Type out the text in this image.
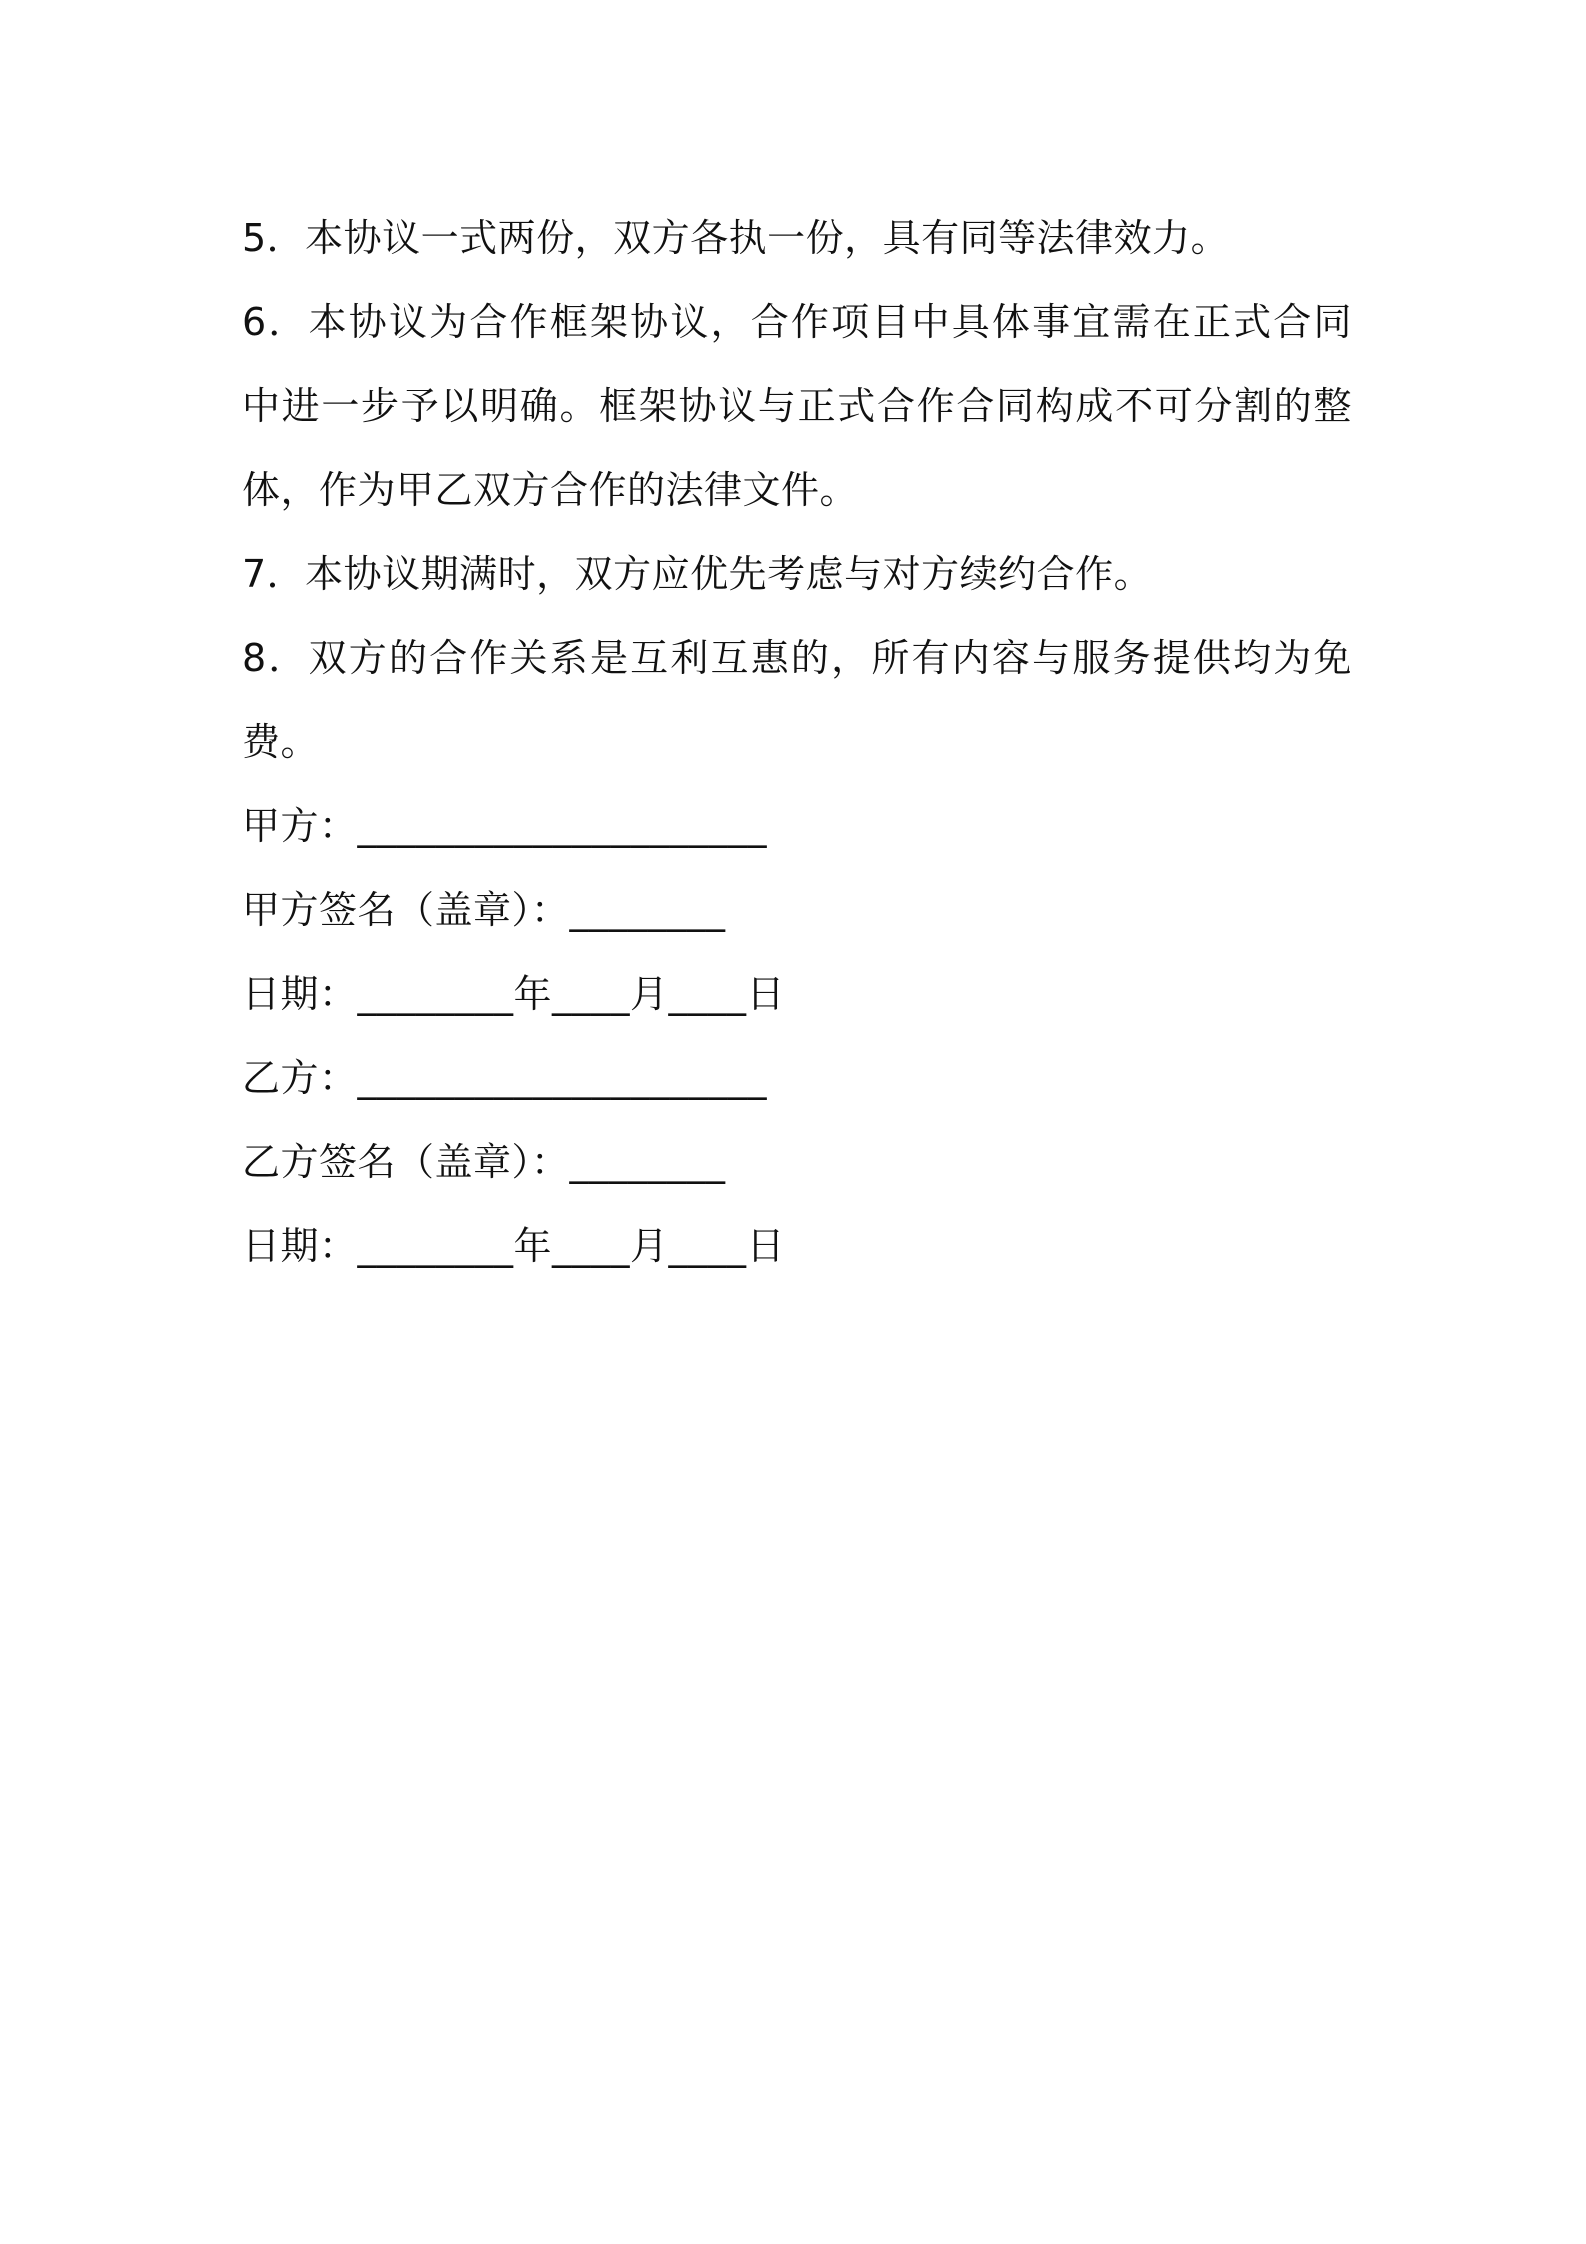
5．本协议一式两份，双方各执一份，具有同等法律效力。
6．本协议为合作框架协议，合作项目中具体事宜需在正式合同
中进一步予以明确。框架协议与正式合作合同构成不可分割的整
体，作为甲乙双方合作的法律文件。
7．本协议期满时，双方应优先考虑与对方续约合作。
8．双方的合作关系是互利互惠的，所有内容与服务提供均为免
费。
甲方：_____________________
甲方签名（盖章）：________
日期：________年____月____日
乙方：_____________________
乙方签名（盖章）：________
日期：________年____月____日
